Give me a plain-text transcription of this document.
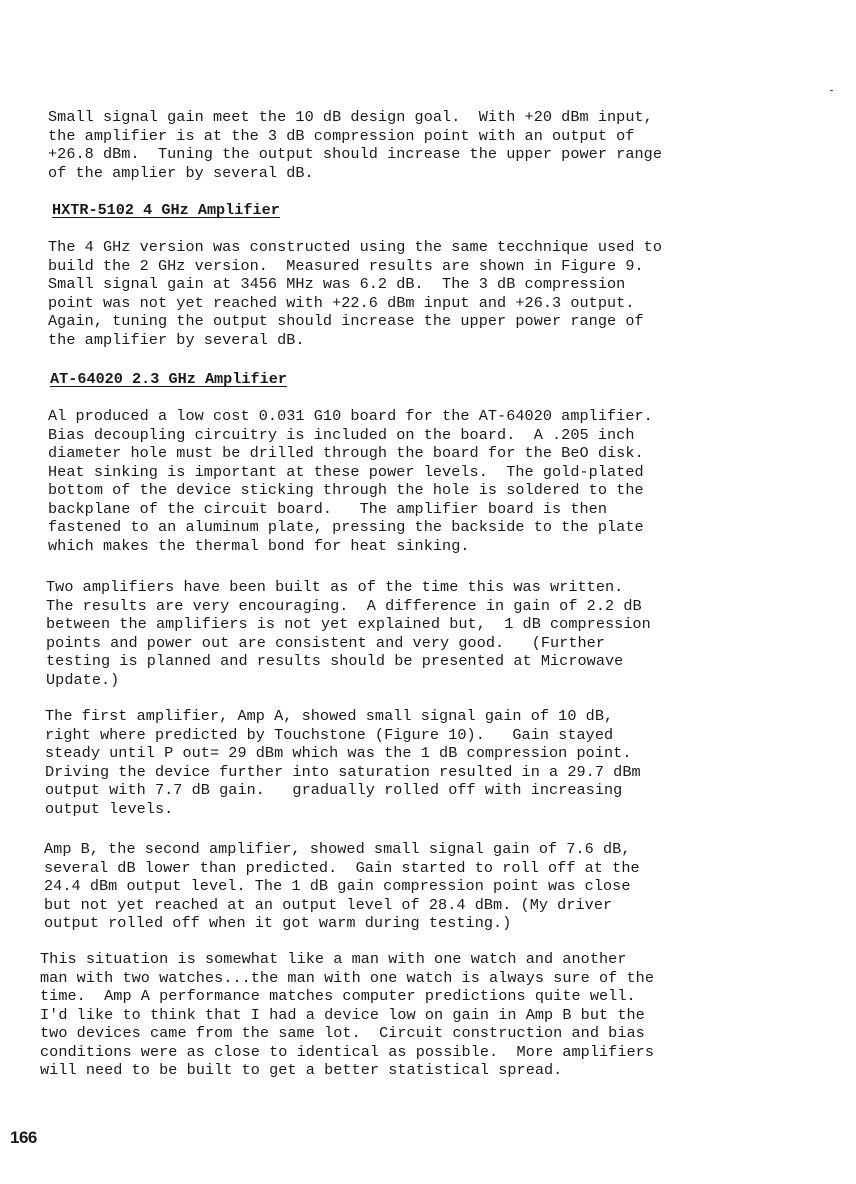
Small signal gain meet the 10 dB design goal.  With +20 dBm input,
the amplifier is at the 3 dB compression point with an output of
+26.8 dBm.  Tuning the output should increase the upper power range
of the amplier by several dB.

HXTR-5102 4 GHz Amplifier

The 4 GHz version was constructed using the same tecchnique used to
build the 2 GHz version.  Measured results are shown in Figure 9.
Small signal gain at 3456 MHz was 6.2 dB.  The 3 dB compression
point was not yet reached with +22.6 dBm input and +26.3 output.
Again, tuning the output should increase the upper power range of
the amplifier by several dB.

AT-64020 2.3 GHz Amplifier

Al produced a low cost 0.031 G10 board for the AT-64020 amplifier.
Bias decoupling circuitry is included on the board.  A .205 inch
diameter hole must be drilled through the board for the BeO disk.
Heat sinking is important at these power levels.  The gold-plated
bottom of the device sticking through the hole is soldered to the
backplane of the circuit board.   The amplifier board is then
fastened to an aluminum plate, pressing the backside to the plate
which makes the thermal bond for heat sinking.

Two amplifiers have been built as of the time this was written.
The results are very encouraging.  A difference in gain of 2.2 dB
between the amplifiers is not yet explained but,  1 dB compression
points and power out are consistent and very good.   (Further
testing is planned and results should be presented at Microwave
Update.)

The first amplifier, Amp A, showed small signal gain of 10 dB,
right where predicted by Touchstone (Figure 10).   Gain stayed
steady until P out= 29 dBm which was the 1 dB compression point.
Driving the device further into saturation resulted in a 29.7 dBm
output with 7.7 dB gain.   gradually rolled off with increasing
output levels.

Amp B, the second amplifier, showed small signal gain of 7.6 dB,
several dB lower than predicted.  Gain started to roll off at the
24.4 dBm output level. The 1 dB gain compression point was close
but not yet reached at an output level of 28.4 dBm. (My driver
output rolled off when it got warm during testing.)

This situation is somewhat like a man with one watch and another
man with two watches...the man with one watch is always sure of the
time.  Amp A performance matches computer predictions quite well.
I'd like to think that I had a device low on gain in Amp B but the
two devices came from the same lot.  Circuit construction and bias
conditions were as close to identical as possible.  More amplifiers
will need to be built to get a better statistical spread.

166
